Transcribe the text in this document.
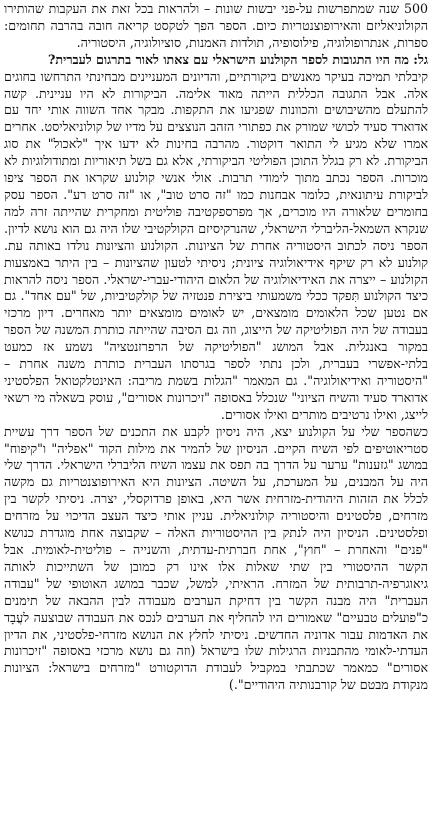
500 שנה שמתפרשות על-פני יבשות שונות – ולהראות בכל זאת את העקבות שהותירו הקולוניאליזם והאירופוצנטריות כיום. הספר הפך לטקסט קריאה חובה בהרבה תחומים: ספרות, אנתרופולוגיה, פילוסופיה, תולדות האמנות, סוציולוגיה, היסטוריה.

גל: מה היו התגובות לספר הקולנוע הישראלי עם צאתו לאור בתרגום לעברית?

קיבלתי תמיכה בעיקר מאנשים ביקורתיים, והדיונים המעניינים מבחינתי התרחשו בחוגים אלה. אבל התגובה הכללית הייתה מאוד אלימה. הביקורות לא היו עניינית. קשה להתעלם מהשיבושים והכוונות שפגיעו את התקפות. מבקר אחד השווה אותי יחד עם אדוארד סעיד לכושי שמורק את כפתורי הזהב הנוצצים על מדיו של קולוניאליסט. אחרים אמרו שלא מגיע לי התואר דוקטור. מהרבה בחינות לא ידעו איך "לאכול" את סוג הביקורת. לא רק בגלל התוכן הפוליטי הביקורתי, אלא גם בשל תיאוריות ומתודולוגיות לא מוכרות. הספר נכתב מתוך לימודי תרבות. אולי אנשי קולנוע שקראו את הספר ציפו לביקורת עיתונאית, כלומר אבחנות כמו "זה סרט טוב", או "זה סרט רע". הספר עסק בחומרים שלאורה היו מוכרים, אך מפרספקטיבה פוליטית ומחקרית שהייתה זרה למה שנקרא השמאל-הליברלי הישראלי, שהנרקיסיזם הקולקטיבי שלו היה גם הוא נושא לדיון. הספר ניסה לכתוב היסטוריה אחרת של הציונות. הקולנוע והציונות נולדו באותה עת. קולנוע לא רק שיקף אידיאולוגיה ציונית; ניסיתי לטעון שהציונות – בין היתר באמצעות הקולנוע – ייצרה את האידיאולוגיה של הלאום היהודי-עברי-ישראלי. הספר ניסה להראות כיצד הקולנוע תִּפקד ככלי משמעותי ביצירת פנטזיה של קולקטיביות, של "עם אחד". גם אם נטען שכל הלאומים מומצאים, יש לאומים מומצאים יותר מאחרים. דיון מרכזי בעבודה של היה הפוליטיקה של הייצוג, וזה גם הסיבה שהייתה כותרת המשנה של הספר במקור באנגלית. אבל המושג "הפוליטיקה של הרפרזנטציה" נשמע אז כמעט בלתי-אפשרי בעברית, ולכן נתתי לספר בגרסתו העברית כותרת משנה אחרת – "היסטוריה ואידיאולוגיה". גם המאמר "הגלות בשמת מריבה: האינטלקטואל הפלסטיני אדוארד סעיד והשיח הציוני" שנכלל באסופה "זיכרונות אסורים", עוסק בשאלה מי רשאי לייצג, ואילו נרטיבים מותרים ואילו אסורים.

כשהספר שלי על הקולנוע יצא, היה ניסיון לקבע את התכנים של הספר דרך עשיית סטריאוטיפים לפי השיח הקיים. הניסיון של להמיר את מילות הקוד "אפליה" ו"קיפוח" במושג "גזענות" ערער על הדרך בה תפס את עצמו השיח הליברלי הישראלי. הדרך שלי היה על המבנים, על המערכת, על השיטה. הציונות היא האירופוצנטריות גם מקשה לכלל את הזהות היהודית-מזרחית אשר היא, באופן פרדוקסלי, יצרה. ניסיתי לקשר בין מזרחים, פלסטינים והיסטוריה קולוניאלית. עניין אותי כיצד העצב הדיכוי על מזרחים ופלסטינים. הניסיון היה לנתק בין ההיסטוריות האלה – שקבוצה אחת מוגדרת כנושא "פנים" והאחרת – "חוץ", אחת חברתית-עדתית, והשנייה – פוליטית-לאומית. אבל הקשר ההיסטורי בין שתי שאלות אלו אינו רק כמובן של השתייכות לאותה גיאוגרפיה-תרבותית של המזרח. הראיתי, למשל, שכבר במושג האוטופי של "עבודה העברית" היה מבנה הקשר בין דחיקת הערבים מעבודה לבין ההבאה של תימנים כ"פועלים טבעיים" שאמורים היו להחליף את הערבים לנכס את העבודה שבוצעה לעֲבָד את האדמות עבור אדוניה החדשים. ניסיתי לחלץ את הנושא מזרחי-פלסטיני, את הדיון העדתי-לאומי מהתבניות הרגילות שלו בישראל (וזה גם נושא מרכזי באסופה "זיכרונות אסורים" כמאמר שכתבתי במקביל לעבודת הדוקטורט "מזרחים בישראל: הציונות מנקודת מבטם של קורבנותיה היהודיים".)
